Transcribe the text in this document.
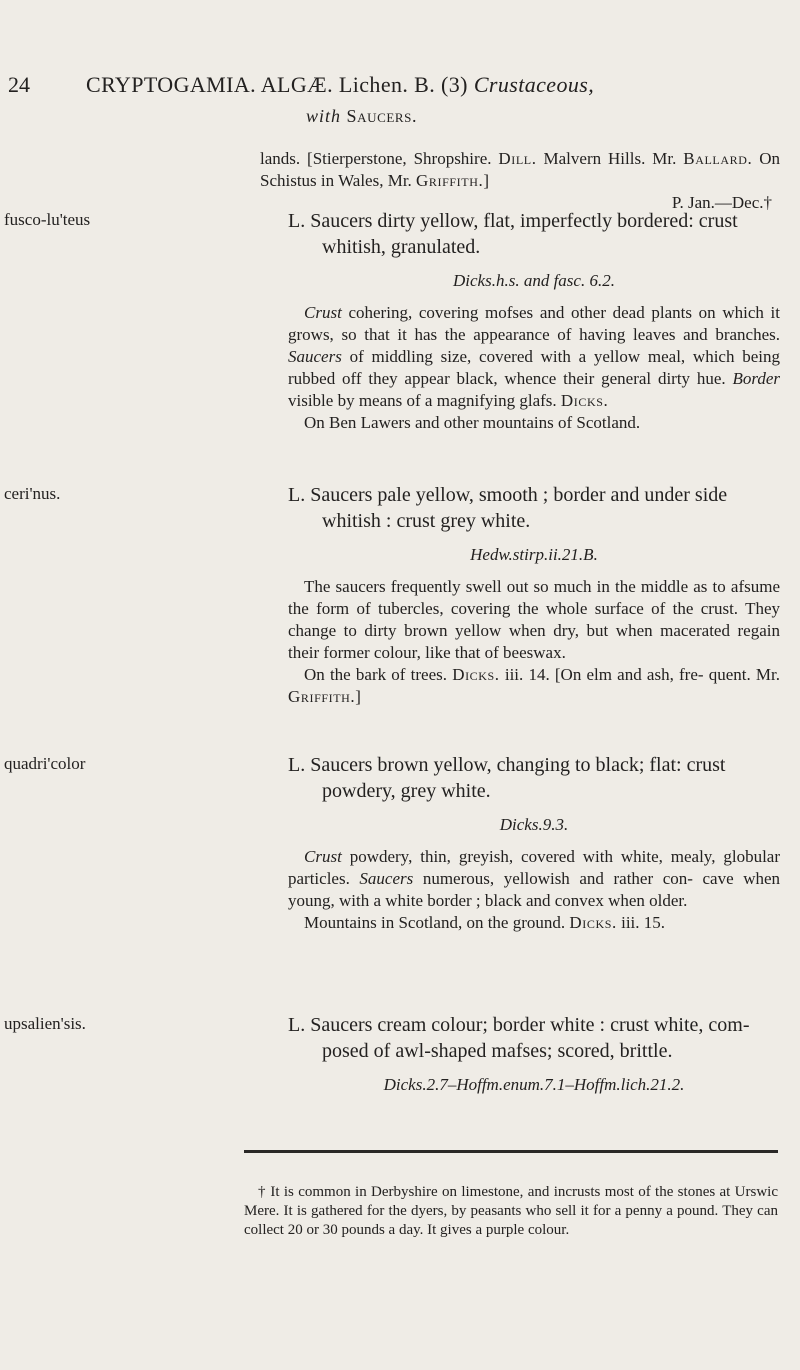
24	CRYPTOGAMIA. ALGÆ. Lichen. B. (3) Crustaceous,
with Saucers.

lands. [Stierperstone, Shropshire. Dill. Malvern Hills. Mr. Ballard. On Schistus in Wales, Mr. Griffith.]

P. Jan.—Dec.†

fusco-lu'teus	L. Saucers dirty yellow, flat, imperfectly bordered: crust whitish, granulated.

Dicks.h.s. and fasc. 6.2.

Crust cohering, covering mofses and other dead plants on which it grows, so that it has the appearance of having leaves and branches. Saucers of middling size, covered with a yellow meal, which being rubbed off they appear black, whence their general dirty hue. Border visible by means of a magnifying glafs. Dicks.

On Ben Lawers and other mountains of Scotland.

ceri'nus.	L. Saucers pale yellow, smooth ; border and under side whitish : crust grey white.

Hedw.stirp.ii.21.B.

The saucers frequently swell out so much in the middle as to afsume the form of tubercles, covering the whole surface of the crust. They change to dirty brown yellow when dry, but when macerated regain their former colour, like that of beeswax.

On the bark of trees. Dicks. iii. 14. [On elm and ash, fre- quent. Mr. Griffith.]

quadri'color	L. Saucers brown yellow, changing to black; flat: crust powdery, grey white.

Dicks.9.3.

Crust powdery, thin, greyish, covered with white, mealy, globular particles. Saucers numerous, yellowish and rather con- cave when young, with a white border ; black and convex when older.

Mountains in Scotland, on the ground. Dicks. iii. 15.

upsalien'sis.	L. Saucers cream colour; border white : crust white, com- posed of awl-shaped mafses; scored, brittle.

Dicks.2.7–Hoffm.enum.7.1–Hoffm.lich.21.2.

† It is common in Derbyshire on limestone, and incrusts most of the stones at Urswic Mere. It is gathered for the dyers, by peasants who sell it for a penny a pound. They can collect 20 or 30 pounds a day. It gives a purple colour.
